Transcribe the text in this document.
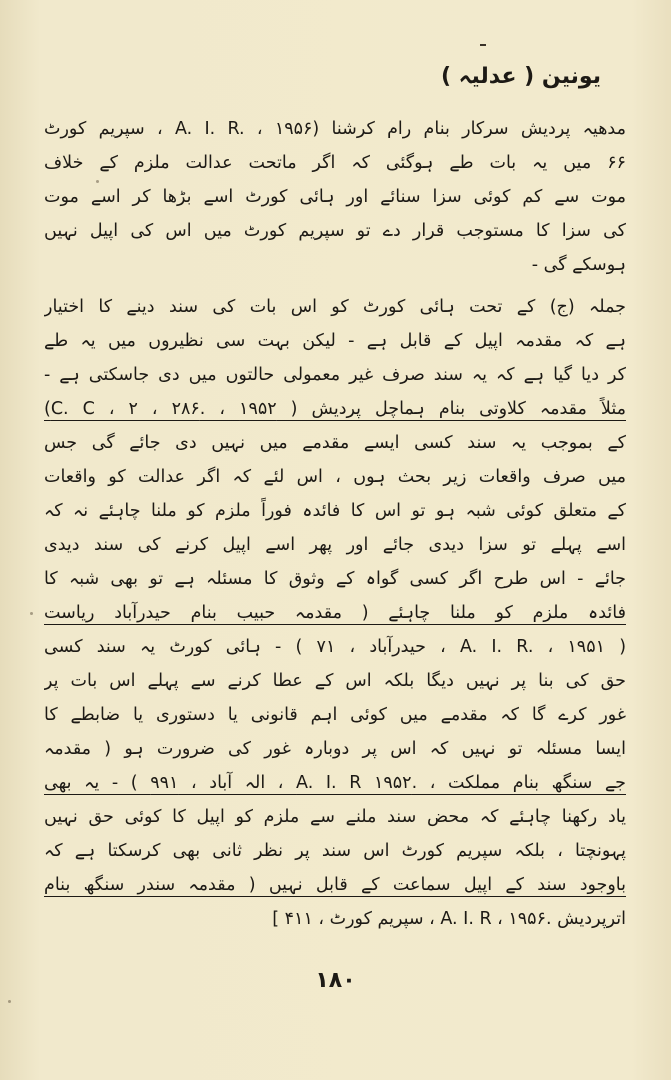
یونین ( عدلیہ )
مدھیہ پردیش سرکار بنام رام کرشنا (A. I. R. ، ۱۹۵۶ ، سپریم کورٹ
۶۶ میں یہ بات طے ہوگئی کہ اگر ماتحت عدالت ملزم کے خلاف
موت سے کم کوئی سزا سنائے اور ہائی کورٹ اسے بڑھا کر اسے موت
کی سزا کا مستوجب قرار دے تو سپریم کورٹ میں اس کی اپیل نہیں
ہوسکے گی -
جملہ (ج) کے تحت ہائی کورٹ کو اس بات کی سند دینے کا اختیار
ہے کہ مقدمہ اپیل کے قابل ہے - لیکن بہت سی نظیروں میں یہ طے
کر دیا گیا ہے کہ یہ سند صرف غیر معمولی حالتوں میں دی جاسکتی ہے -
مثلاً مقدمہ کلاوتی بنام ہماچل پردیش ( ۱۹۵۲ ، .C. C ، ۲ ، ۲۸۶)
کے بموجب یہ سند کسی ایسے مقدمے میں نہیں دی جائے گی جس
میں صرف واقعات زیر بحث ہوں ، اس لئے کہ اگر عدالت کو واقعات
کے متعلق کوئی شبہ ہو تو اس کا فائدہ فوراً ملزم کو ملنا چاہئے نہ کہ
اسے پہلے تو سزا دیدی جائے اور پھر اسے اپیل کرنے کی سند دیدی
جائے - اس طرح اگر کسی گواہ کے وثوق کا مسئلہ ہے تو بھی شبہ کا
فائدہ ملزم کو ملنا چاہئے ( مقدمہ حبیب بنام حیدرآباد ریاست
( A. I. R. ، ۱۹۵۱ ، حیدرآباد ، ۷۱ ) - ہائی کورٹ یہ سند کسی
حق کی بنا پر نہیں دیگا بلکہ اس کے عطا کرنے سے پہلے اس بات پر
غور کرے گا کہ مقدمے میں کوئی اہم قانونی یا دستوری یا ضابطے کا
ایسا مسئلہ تو نہیں کہ اس پر دوبارہ غور کی ضرورت ہو ( مقدمہ
جے سنگھ بنام مملکت ، .A. I. R ۱۹۵۲ ، الہ آباد ، ۹۹۱ ) - یہ بھی
یاد رکھنا چاہئے کہ محض سند ملنے سے ملزم کو اپیل کا کوئی حق نہیں
پہونچتا ، بلکہ سپریم کورٹ اس سند پر نظر ثانی بھی کرسکتا ہے کہ
باوجود سند کے اپیل سماعت کے قابل نہیں ( مقدمہ سندر سنگھ بنام
اترپردیش .A. I. R ، ۱۹۵۶ ، سپریم کورٹ ، ۴۱۱ ]
۱۸۰
